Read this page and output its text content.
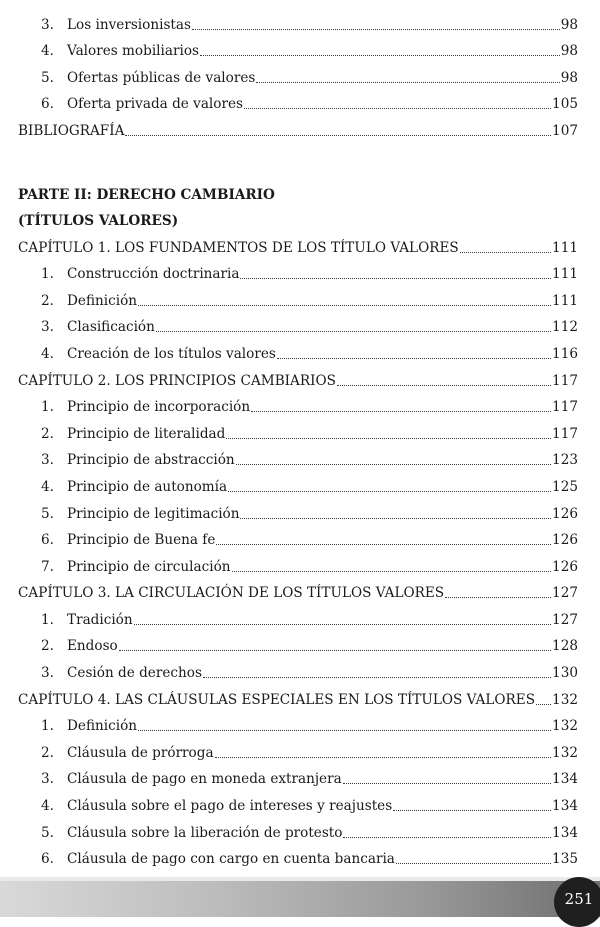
3. Los inversionistas	98
4. Valores mobiliarios	98
5. Ofertas públicas de valores	98
6. Oferta privada de valores	105
BIBLIOGRAFÍA	107
PARTE II: DERECHO CAMBIARIO
(TÍTULOS VALORES)
CAPÍTULO 1. LOS FUNDAMENTOS DE LOS TÍTULO VALORES	111
1. Construcción doctrinaria	111
2. Definición	111
3. Clasificación	112
4. Creación de los títulos valores	116
CAPÍTULO 2. LOS PRINCIPIOS CAMBIARIOS	117
1. Principio de incorporación	117
2. Principio de literalidad	117
3. Principio de abstracción	123
4. Principio de autonomía	125
5. Principio de legitimación	126
6. Principio de Buena fe	126
7. Principio de circulación	126
CAPÍTULO 3. LA CIRCULACIÓN DE LOS TÍTULOS VALORES	127
1. Tradición	127
2. Endoso	128
3. Cesión de derechos	130
CAPÍTULO 4. LAS CLÁUSULAS ESPECIALES EN LOS TÍTULOS VALORES 132
1. Definición	132
2. Cláusula de prórroga	132
3. Cláusula de pago en moneda extranjera	134
4. Cláusula sobre el pago de intereses y reajustes	134
5. Cláusula sobre la liberación de protesto	134
6. Cláusula de pago con cargo en cuenta bancaria	135
251
